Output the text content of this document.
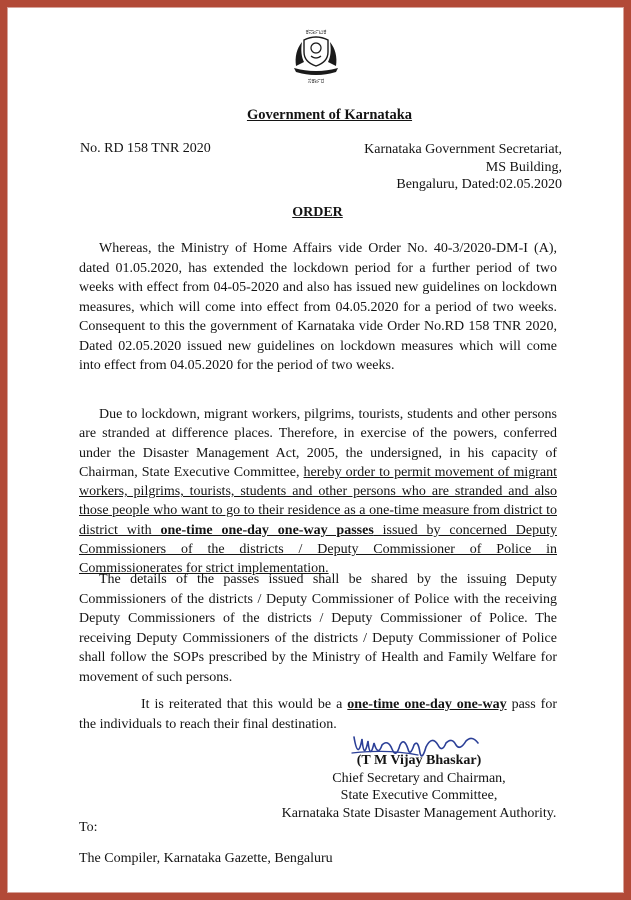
ಕರ್ನಾಟಕ
ಸರ್ಕಾರ
Government of Karnataka
No. RD 158 TNR 2020	Karnataka Government Secretariat,
MS Building,
Bengaluru, Dated:02.05.2020
ORDER

Whereas, the Ministry of Home Affairs vide Order No. 40-3/2020-DM-I (A), dated 01.05.2020, has extended the lockdown period for a further period of two weeks with effect from 04-05-2020 and also has issued new guidelines on lockdown measures, which will come into effect from 04.05.2020 for a period of two weeks. Consequent to this the government of Karnataka vide Order No.RD 158 TNR 2020, Dated 02.05.2020 issued new guidelines on lockdown measures which will come into effect from 04.05.2020 for the period of two weeks.

Due to lockdown, migrant workers, pilgrims, tourists, students and other persons are stranded at difference places. Therefore, in exercise of the powers, conferred under the Disaster Management Act, 2005, the undersigned, in his capacity of Chairman, State Executive Committee, hereby order to permit movement of migrant workers, pilgrims, tourists, students and other persons who are stranded and also those people who want to go to their residence as a one-time measure from district to district with one-time one-day one-way passes issued by concerned Deputy Commissioners of the districts / Deputy Commissioner of Police in Commissionerates for strict implementation.

The details of the passes issued shall be shared by the issuing Deputy Commissioners of the districts / Deputy Commissioner of Police with the receiving Deputy Commissioners of the districts / Deputy Commissioner of Police. The receiving Deputy Commissioners of the districts / Deputy Commissioner of Police shall follow the SOPs prescribed by the Ministry of Health and Family Welfare for movement of such persons.

It is reiterated that this would be a one-time one-day one-way pass for the individuals to reach their final destination.

(T M Vijay Bhaskar)
Chief Secretary and Chairman,
State Executive Committee,
Karnataka State Disaster Management Authority.
To:
The Compiler, Karnataka Gazette, Bengaluru
